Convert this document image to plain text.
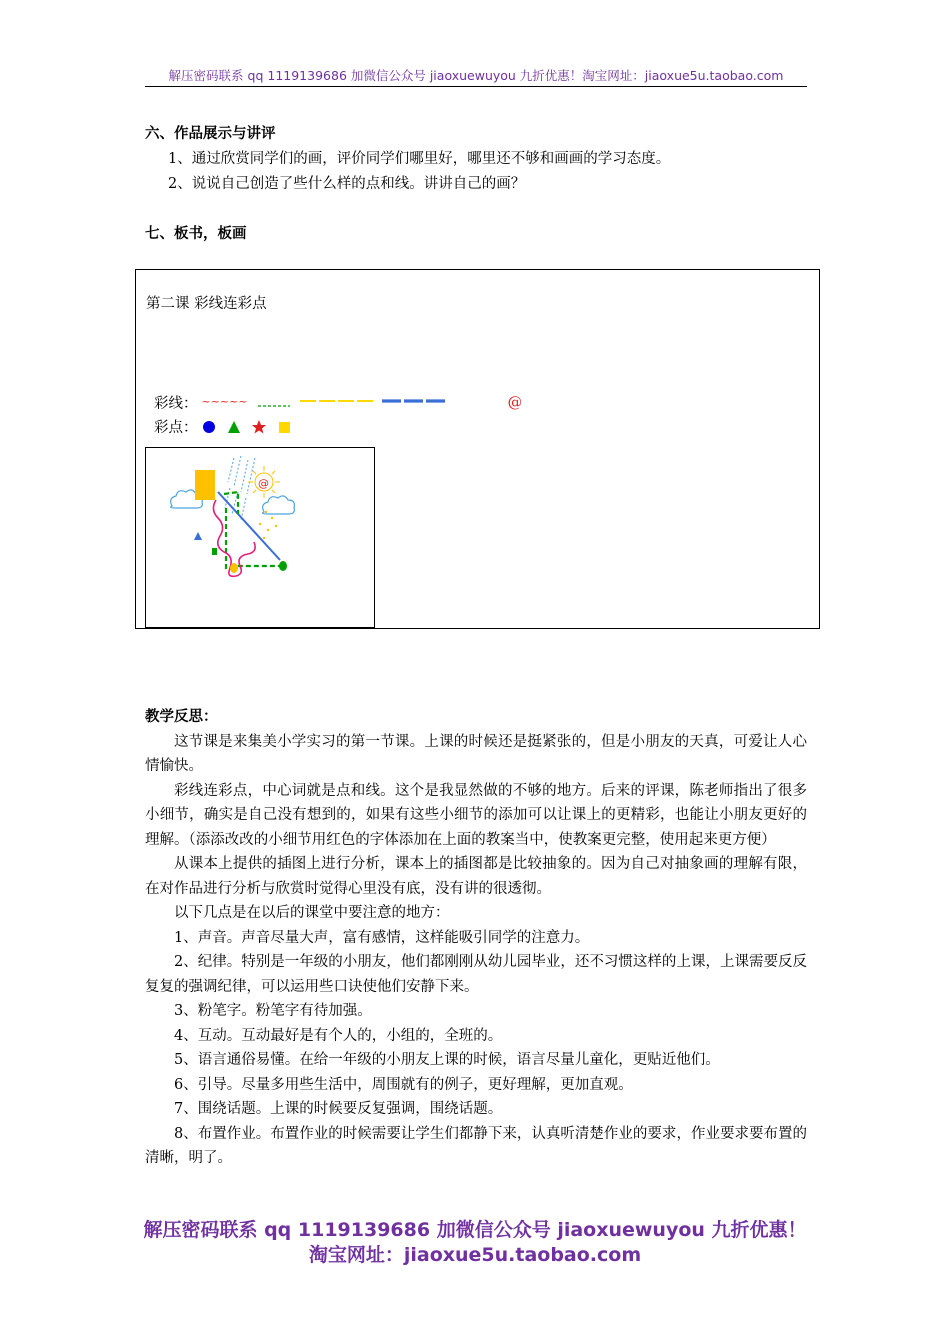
解压密码联系 qq 1119139686 加微信公众号 jiaoxuewuyou 九折优惠！淘宝网址：jiaoxue5u.taobao.com
六、作品展示与讲评
1、通过欣赏同学们的画，评价同学们哪里好，哪里还不够和画画的学习态度。
2、说说自己创造了些什么样的点和线。讲讲自己的画？
七、板书，板画
第二课 彩线连彩点
彩线： ~~~~~	@
彩点：
@

教学反思：

这节课是来集美小学实习的第一节课。上课的时候还是挺紧张的，但是小朋友的天真，可爱让人心情愉快。

彩线连彩点，中心词就是点和线。这个是我显然做的不够的地方。后来的评课，陈老师指出了很多小细节，确实是自己没有想到的，如果有这些小细节的添加可以让课上的更精彩，也能让小朋友更好的理解。（添添改改的小细节用红色的字体添加在上面的教案当中，使教案更完整，使用起来更方便）

从课本上提供的插图上进行分析，课本上的插图都是比较抽象的。因为自己对抽象画的理解有限，在对作品进行分析与欣赏时觉得心里没有底，没有讲的很透彻。

以下几点是在以后的课堂中要注意的地方：

1、声音。声音尽量大声，富有感情，这样能吸引同学的注意力。

2、纪律。特别是一年级的小朋友，他们都刚刚从幼儿园毕业，还不习惯这样的上课，上课需要反反复复的强调纪律，可以运用些口诀使他们安静下来。

3、粉笔字。粉笔字有待加强。

4、互动。互动最好是有个人的，小组的，全班的。

5、语言通俗易懂。在给一年级的小朋友上课的时候，语言尽量儿童化，更贴近他们。

6、引导。尽量多用些生活中，周围就有的例子，更好理解，更加直观。

7、围绕话题。上课的时候要反复强调，围绕话题。

8、布置作业。布置作业的时候需要让学生们都静下来，认真听清楚作业的要求，作业要求要布置的清晰，明了。

解压密码联系 qq 1119139686 加微信公众号 jiaoxuewuyou 九折优惠！
淘宝网址：jiaoxue5u.taobao.com
